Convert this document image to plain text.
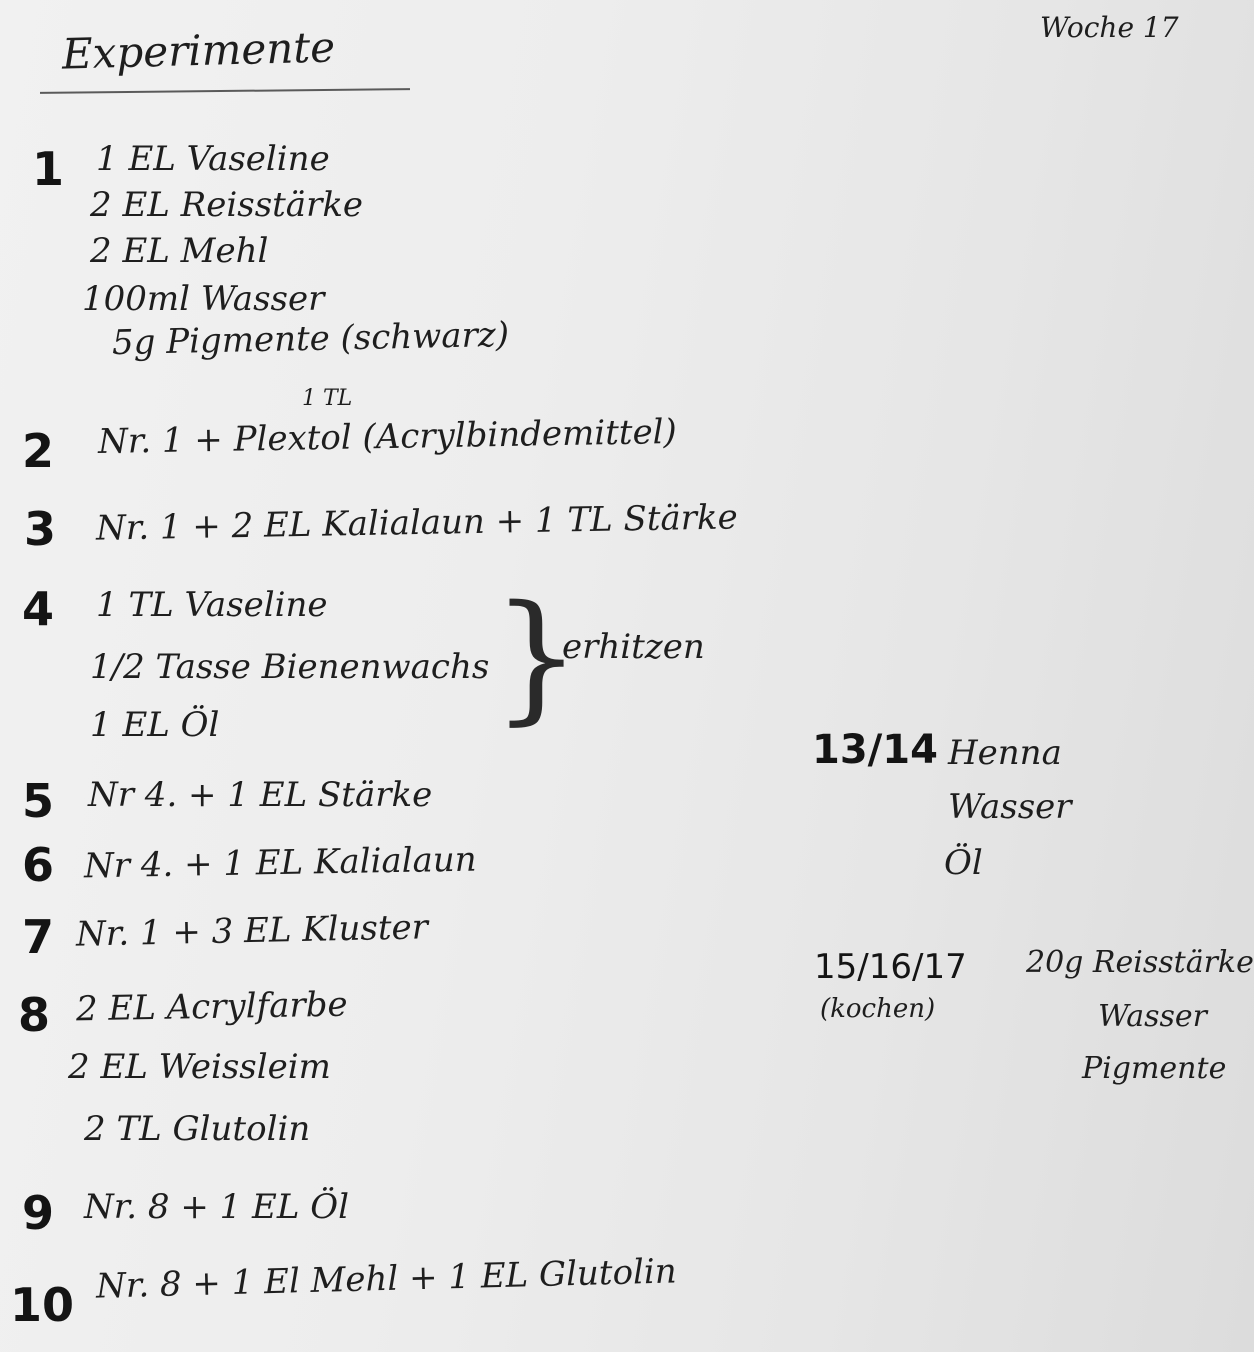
Experimente	Woche 17
1 1 EL Vaseline
2 EL Reisstärke
2 EL Mehl
100ml Wasser
5g Pigmente (schwarz)
1 TL
2 Nr. 1 + Plextol (Acrylbindemittel)
3 Nr. 1 + 2 EL Kalialaun + 1 TL Stärke
4 1 TL Vaseline
1/2 Tasse Bienenwachs
1 EL Öl }
erhitzen
5 Nr 4. + 1 EL Stärke
6 Nr 4. + 1 EL Kalialaun
7 Nr. 1 + 3 EL Kluster
8 2 EL Acrylfarbe
2 EL Weissleim
2 TL Glutolin
9 Nr. 8 + 1 EL Öl
10 Nr. 8 + 1 El Mehl + 1 EL Glutolin
13/14 Henna
Wasser
Öl
15/16/17
(kochen)
20g Reisstärke
Wasser
Pigmente
